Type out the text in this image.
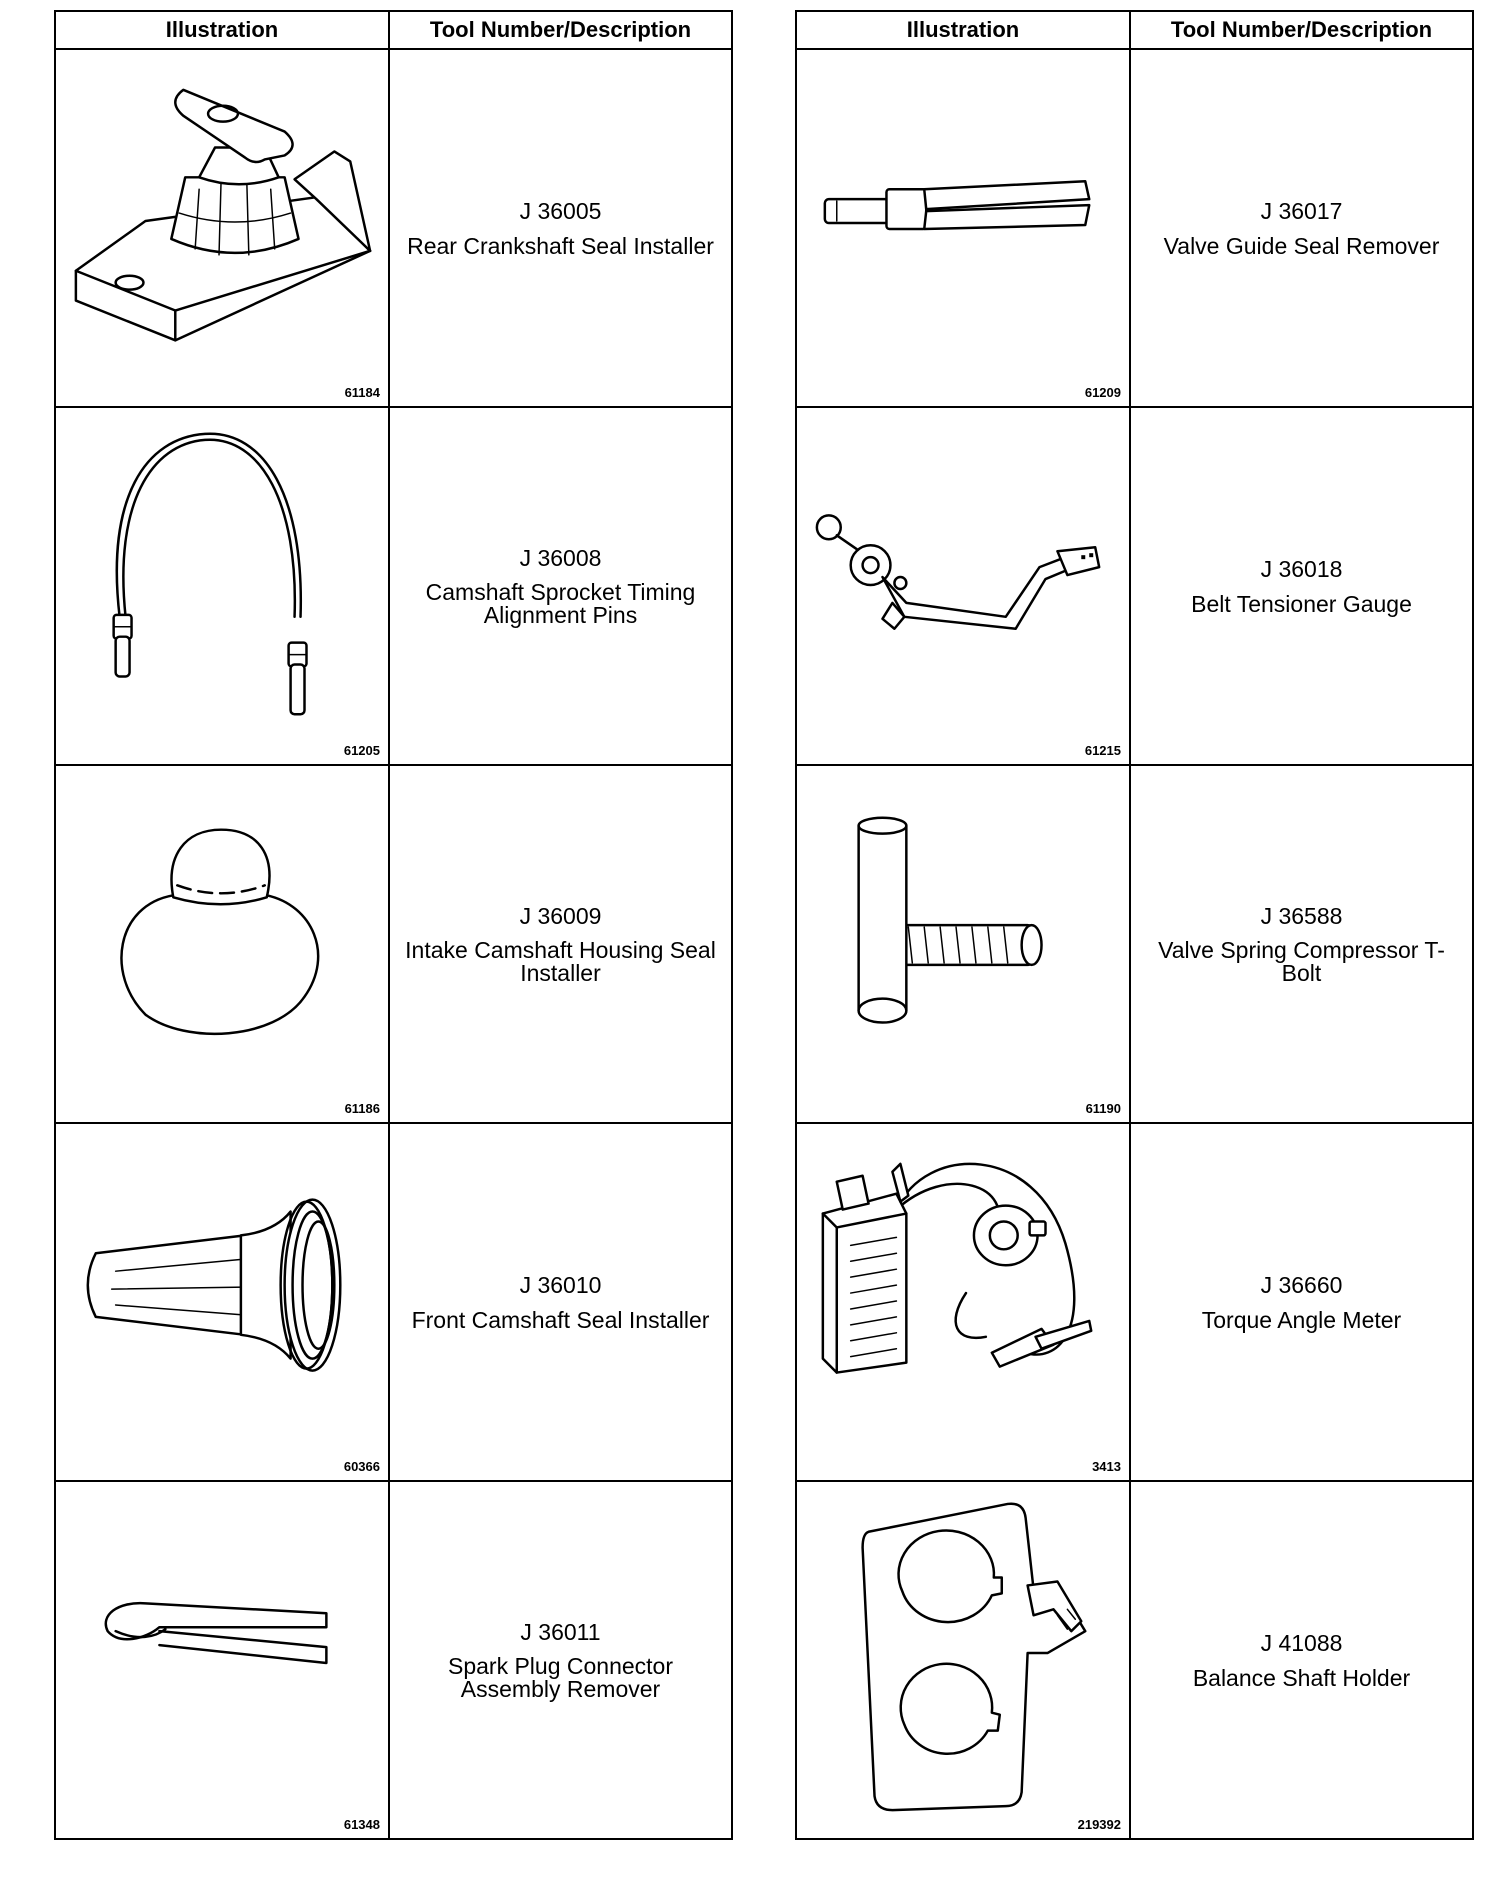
Illustration	Tool Number/Description

61184	J 36005
Rear Crankshaft Seal Installer

61205	J 36008
Camshaft Sprocket Timing Alignment Pins

61186	J 36009
Intake Camshaft Housing Seal Installer

60366	J 36010
Front Camshaft Seal Installer

61348	J 36011
Spark Plug Connector Assembly Remover
Illustration	Tool Number/Description

61209	J 36017
Valve Guide Seal Remover

61215	J 36018
Belt Tensioner Gauge

61190	J 36588
Valve Spring Compressor T-Bolt

3413	J 36660
Torque Angle Meter

219392	J 41088
Balance Shaft Holder
